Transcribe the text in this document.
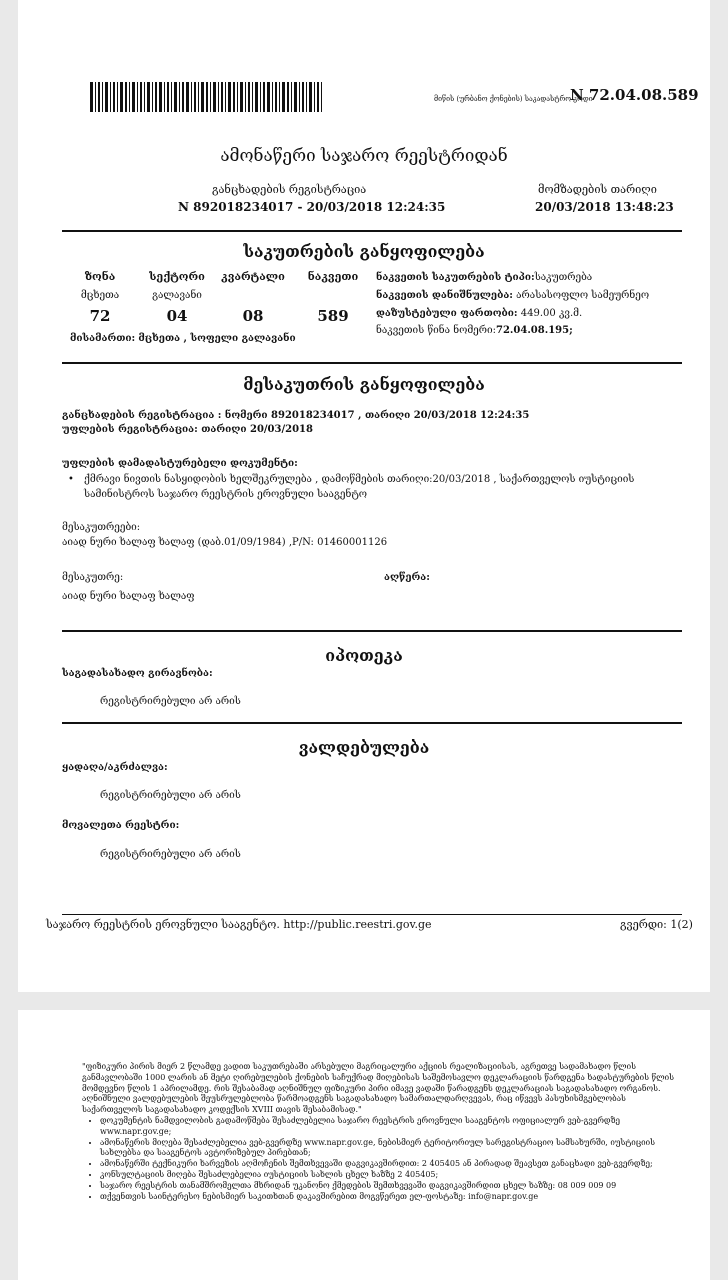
მიწის (ურბანო ქონების) საკადასტრო კოდი
N 72.04.08.589
ამონაწერი საჯარო რეესტრიდან
განცხადების რეგისტრაცია
N 892018234017 - 20/03/2018 12:24:35
მომზადების თარიღი
20/03/2018 13:48:23
საკუთრების განყოფილება
ზონა
მცხეთა
72
სექტორი
გალავანი
04
კვარტალი
08
ნაკვეთი
589
ნაკვეთის საკუთრების ტიპი:საკუთრება
ნაკვეთის დანიშნულება: არასასოფლო სამეურნეო
დაზუსტებული ფართობი: 449.00 კვ.მ.
ნაკვეთის წინა ნომერი:72.04.08.195;
მისამართი: მცხეთა , სოფელი გალავანი
მესაკუთრის განყოფილება
განცხადების რეგისტრაცია : ნომერი 892018234017 , თარიღი 20/03/2018 12:24:35
უფლების რეგისტრაცია: თარიღი 20/03/2018
უფლების დამადასტურებელი დოკუმენტი:
• ქმრავი ნივთის ნასყიდობის ხელშეკრულება , დამოწმების თარიღი:20/03/2018 , საქართველოს იუსტიციის
სამინისტროს საჯარო რეესტრის ეროვნული სააგენტო
მესაკუთრეები:
აიად ნური ხალაფ ხალაფ (დაბ.01/09/1984) ,P/N: 01460001126
მესაკუთრე:	აღწერა:
აიად ნური ხალაფ ხალაფ
იპოთეკა
საგადასახადო გირავნობა:
რეგისტრირებული არ არის
ვალდებულება
ყადაღა/აკრძალვა:
რეგისტრირებული არ არის
მოვალეთა რეესტრი:
რეგისტრირებული არ არის
საჯარო რეესტრის ეროვნული სააგენტო. http://public.reestri.gov.ge	გვერდი: 1(2)

"ფიზიკური პირის მიერ 2 წლამდე ვადით საკუთრებაში არსებული მაგრიცალური აქციის რეალიზაციისას, აგრეთვე სადამახადო წლის განმავლობაში 1000 ლარის ან მეტი ღირებულების ქონების საჩუქრად მიღებისას საშემოსავლო დეკლარაციის წარდგენა ხადასტურების წლის მომდევნო წლის 1 აპრილამდე. რის შესაბამად აღნიშნულ ფიზიკური პირი იმავე ვადაში წარადგენს დეკლარაციას საგადასახადო ორგანოს. აღნიშნული ვალდებულების შეუსრულებლობა წარმოადგენს საგადასახადო სამართალდარღვევას, რაც იწვევს პასუხისმგებლობას საქართველოს საგადასახადო კოდექსის XVIII თავის შესაბამისად."

• დოკუმენტის ნამდვილობის გადამოწმება შესაძლებელია საჯარო რეესტრის ეროვნული სააგენტოს ოფიციალურ ვებ-გვერდზე www.napr.gov.ge;
• ამონაწერის მიღება შესაძლებელია ვებ-გვერდზე www.napr.gov.ge, ნებისმიერ ტერიტორიულ სარეგისტრაციო სამსახურში, იუსტიციის სახლებსა და სააგენტოს ავტორიზებულ პირებთან;
• ამონაწერში ტექნიკური ხარვეზის აღმოჩენის შემთხვევაში დაგვიკავშირდით: 2 405405 ან პირადად შეავსეთ განაცხადი ვებ-გვერდზე;
• კონსულტაციის მიღება შესაძლებელია იუსტიციის სახლის ცხელ ხაზზე 2 405405;
• საჯარო რეესტრის თანამშრომელთა მხრიდან უკანონო ქმედების შემთხვევაში დაგვიკავშირდით ცხელ ხაზზე: 08 009 009 09
• თქვენთვის საინტერესო ნებისმიერ საკითხთან დაკავშირებით მოგვწერეთ ელ-ფოსტაზე: info@napr.gov.ge
